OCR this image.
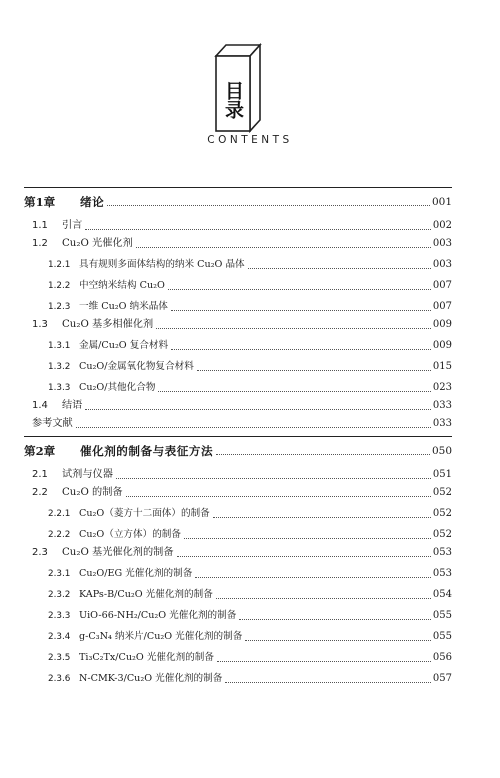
目录
CONTENTS
第1章	绪论	001
1.1	引言	002
1.2	Cu₂O 光催化剂	003
1.2.1 具有规则多面体结构的纳米 Cu₂O 晶体	003
1.2.2 中空纳米结构 Cu₂O	007
1.2.3 一维 Cu₂O 纳米晶体	007
1.3	Cu₂O 基多相催化剂	009
1.3.1 金属/Cu₂O 复合材料	009
1.3.2 Cu₂O/金属氧化物复合材料	015
1.3.3 Cu₂O/其他化合物	023
1.4	结语	033
参考文献	033
第2章	催化剂的制备与表征方法	050
2.1	试剂与仪器	051
2.2	Cu₂O 的制备	052
2.2.1 Cu₂O（菱方十二面体）的制备	052
2.2.2 Cu₂O（立方体）的制备	052
2.3	Cu₂O 基光催化剂的制备	053
2.3.1 Cu₂O/EG 光催化剂的制备	053
2.3.2 KAPs-B/Cu₂O 光催化剂的制备	054
2.3.3 UiO-66-NH₂/Cu₂O 光催化剂的制备	055
2.3.4 g-C₃N₄ 纳米片/Cu₂O 光催化剂的制备	055
2.3.5 Ti₃C₂Tx/Cu₂O 光催化剂的制备	056
2.3.6 N-CMK-3/Cu₂O 光催化剂的制备	057
